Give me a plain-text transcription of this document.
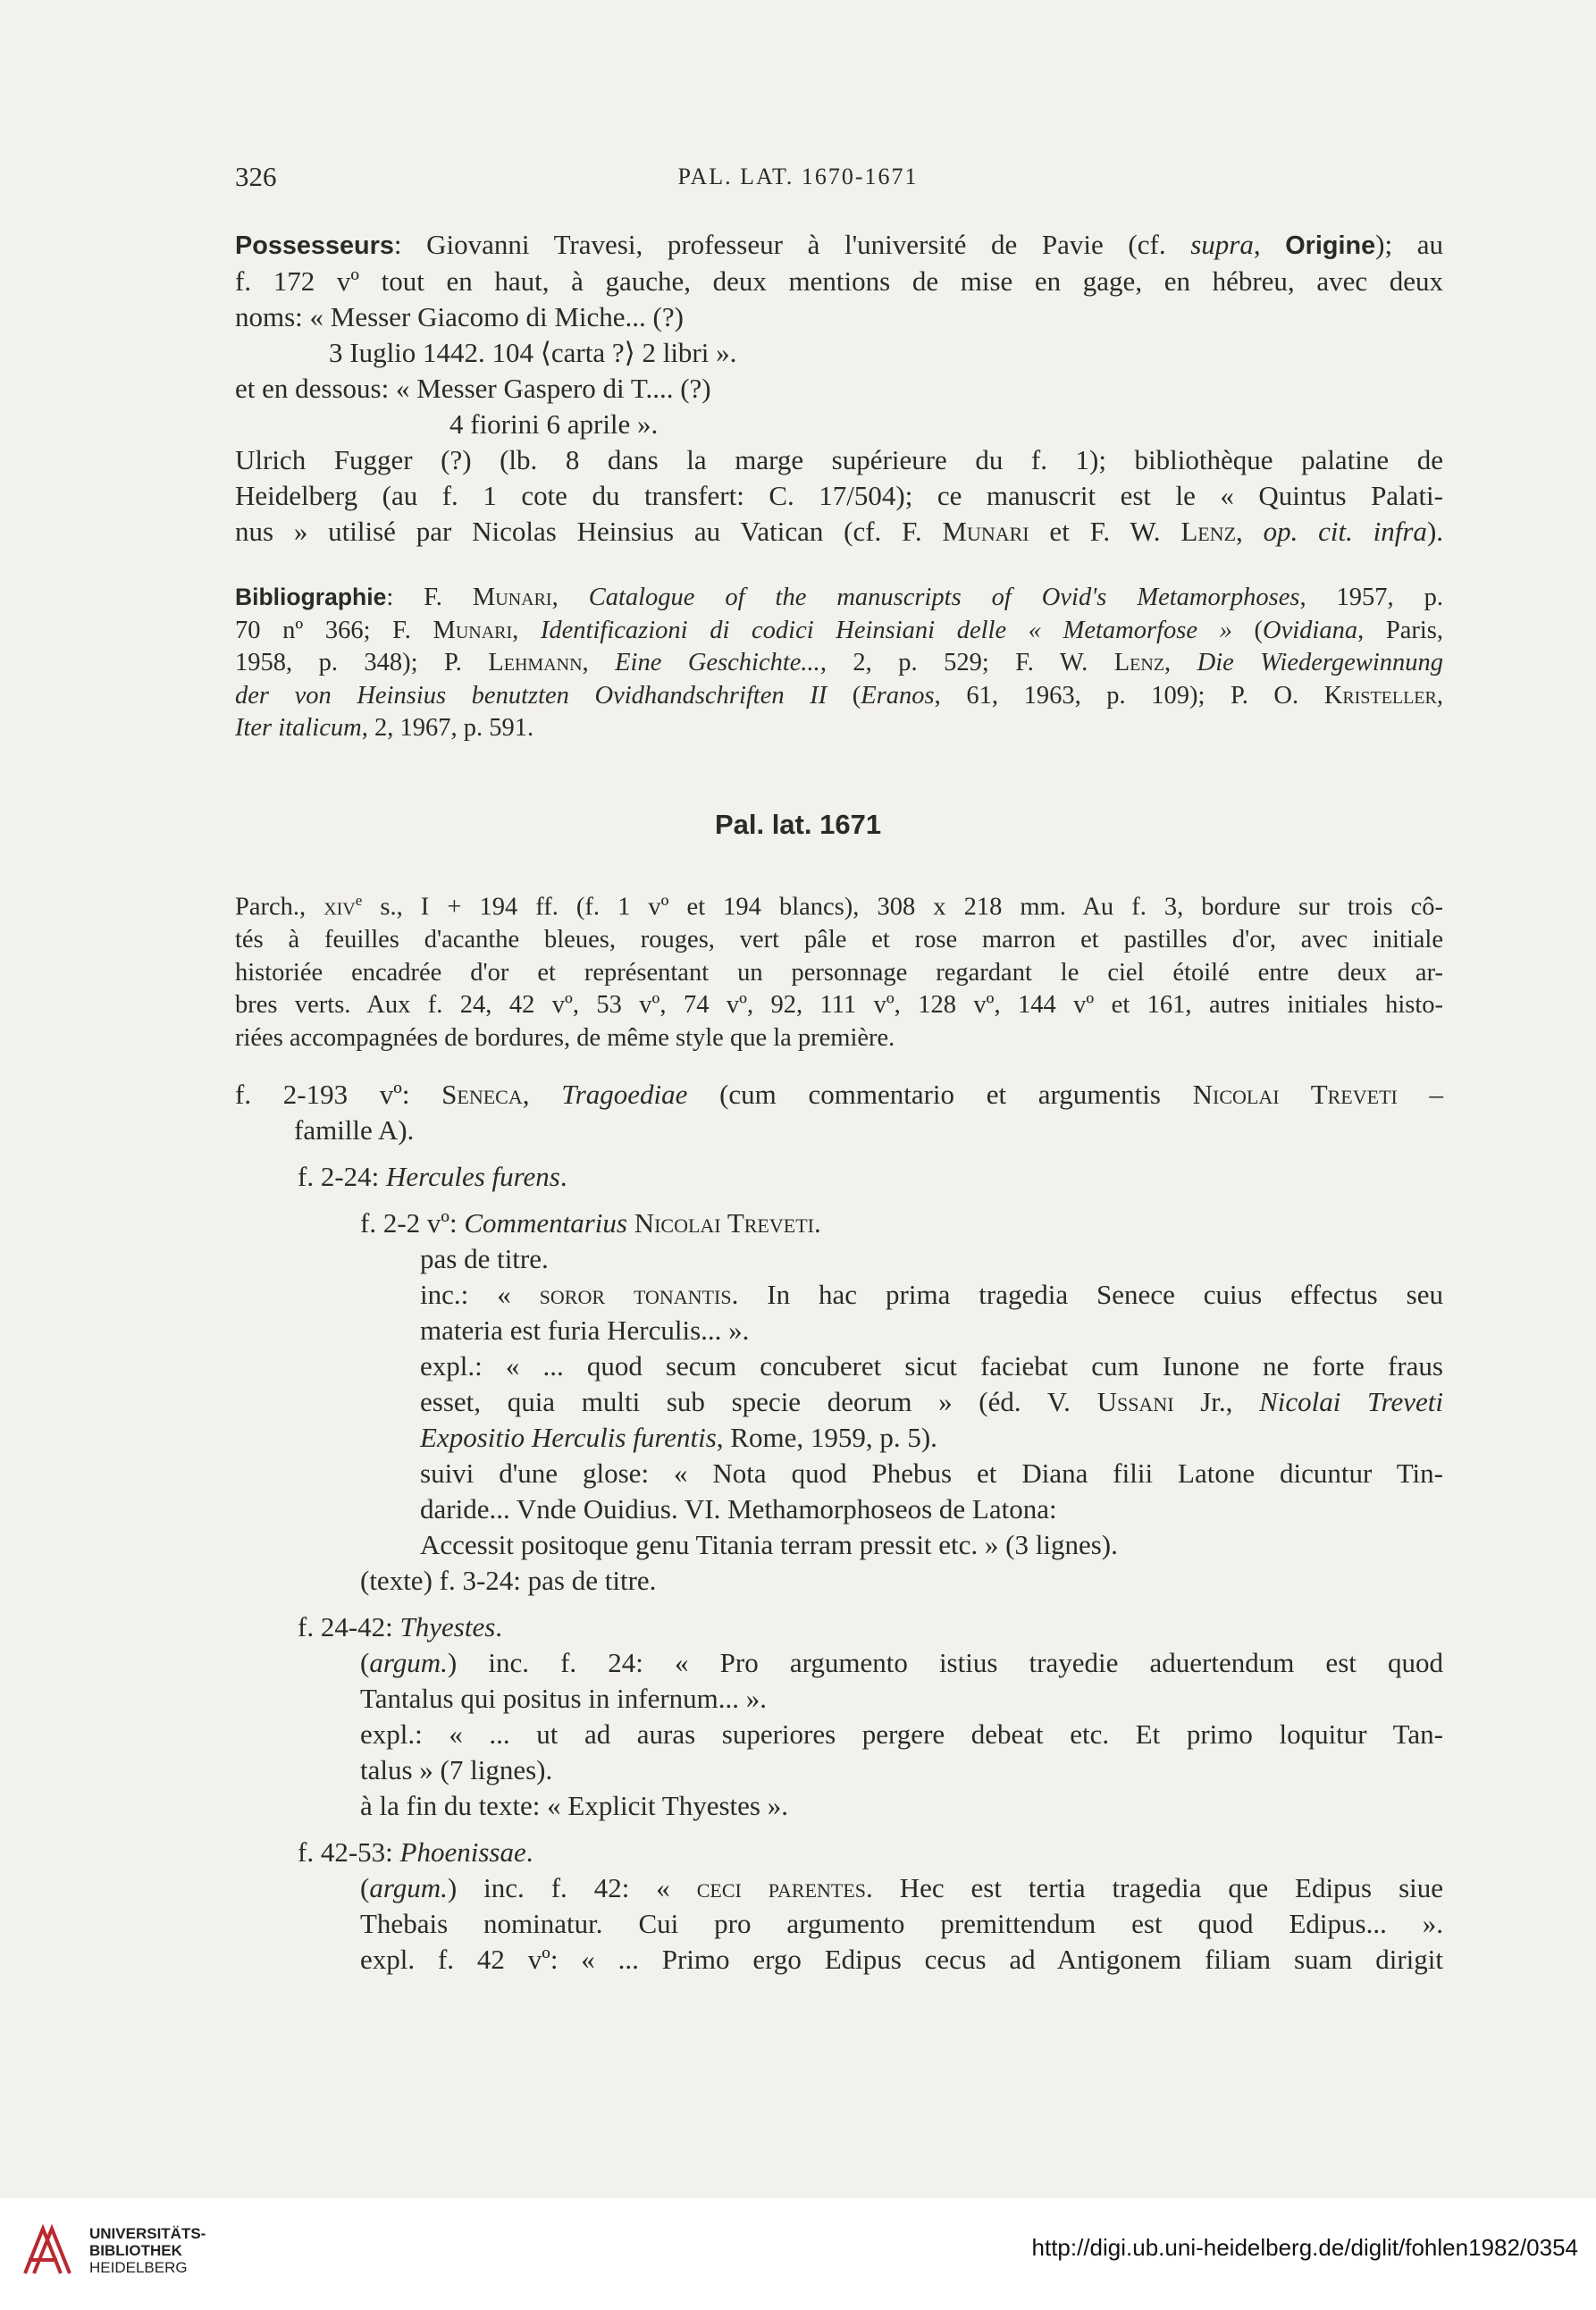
326	PAL. LAT. 1670-1671
Possesseurs: Giovanni Travesi, professeur à l'université de Pavie (cf. supra, Origine); au
f. 172 vº tout en haut, à gauche, deux mentions de mise en gage, en hébreu, avec deux
noms: « Messer Giacomo di Miche... (?)
3 Iuglio 1442. 104 ⟨carta ?⟩ 2 libri ».
et en dessous: « Messer Gaspero di T.... (?)
4 fiorini 6 aprile ».
Ulrich Fugger (?) (lb. 8 dans la marge supérieure du f. 1); bibliothèque palatine de
Heidelberg (au f. 1 cote du transfert: C. 17/504); ce manuscrit est le « Quintus Palati-
nus » utilisé par Nicolas Heinsius au Vatican (cf. F. Munari et F. W. Lenz, op. cit. infra).
Bibliographie: F. Munari, Catalogue of the manuscripts of Ovid's Metamorphoses, 1957, p.
70 nº 366; F. Munari, Identificazioni di codici Heinsiani delle « Metamorfose » (Ovidiana, Paris,
1958, p. 348); P. Lehmann, Eine Geschichte..., 2, p. 529; F. W. Lenz, Die Wiedergewinnung
der von Heinsius benutzten Ovidhandschriften II (Eranos, 61, 1963, p. 109); P. O. Kristeller,
Iter italicum, 2, 1967, p. 591.
Pal. lat. 1671
Parch., xiv$^e$ s., I + 194 ff. (f. 1 vº et 194 blancs), 308 x 218 mm. Au f. 3, bordure sur trois cô-
tés à feuilles d'acanthe bleues, rouges, vert pâle et rose marron et pastilles d'or, avec initiale
historiée encadrée d'or et représentant un personnage regardant le ciel étoilé entre deux ar-
bres verts. Aux f. 24, 42 vº, 53 vº, 74 vº, 92, 111 vº, 128 vº, 144 vº et 161, autres initiales histo-
riées accompagnées de bordures, de même style que la première.
f. 2-193 vº: Seneca, Tragoediae (cum commentario et argumentis Nicolai Treveti –
famille A).
f. 2-24: Hercules furens.
f. 2-2 vº: Commentarius Nicolai Treveti.
pas de titre.
inc.: « soror tonantis. In hac prima tragedia Senece cuius effectus seu
materia est furia Herculis... ».
expl.: « ... quod secum concuberet sicut faciebat cum Iunone ne forte fraus
esset, quia multi sub specie deorum » (éd. V. Ussani Jr., Nicolai Treveti
Expositio Herculis furentis, Rome, 1959, p. 5).
suivi d'une glose: « Nota quod Phebus et Diana filii Latone dicuntur Tin-
daride... Vnde Ouidius. VI. Methamorphoseos de Latona:
Accessit positoque genu Titania terram pressit etc. » (3 lignes).
(texte) f. 3-24: pas de titre.
f. 24-42: Thyestes.
(argum.) inc. f. 24: « Pro argumento istius trayedie aduertendum est quod
Tantalus qui positus in infernum... ».
expl.: « ... ut ad auras superiores pergere debeat etc. Et primo loquitur Tan-
talus » (7 lignes).
à la fin du texte: « Explicit Thyestes ».
f. 42-53: Phoenissae.
(argum.) inc. f. 42: « ceci parentes. Hec est tertia tragedia que Edipus siue
Thebais nominatur. Cui pro argumento premittendum est quod Edipus... ».
expl. f. 42 vº: « ... Primo ergo Edipus cecus ad Antigonem filiam suam dirigit
UNIVERSITÄTS-
BIBLIOTHEK
HEIDELBERG
http://digi.ub.uni-heidelberg.de/diglit/fohlen1982/0354
